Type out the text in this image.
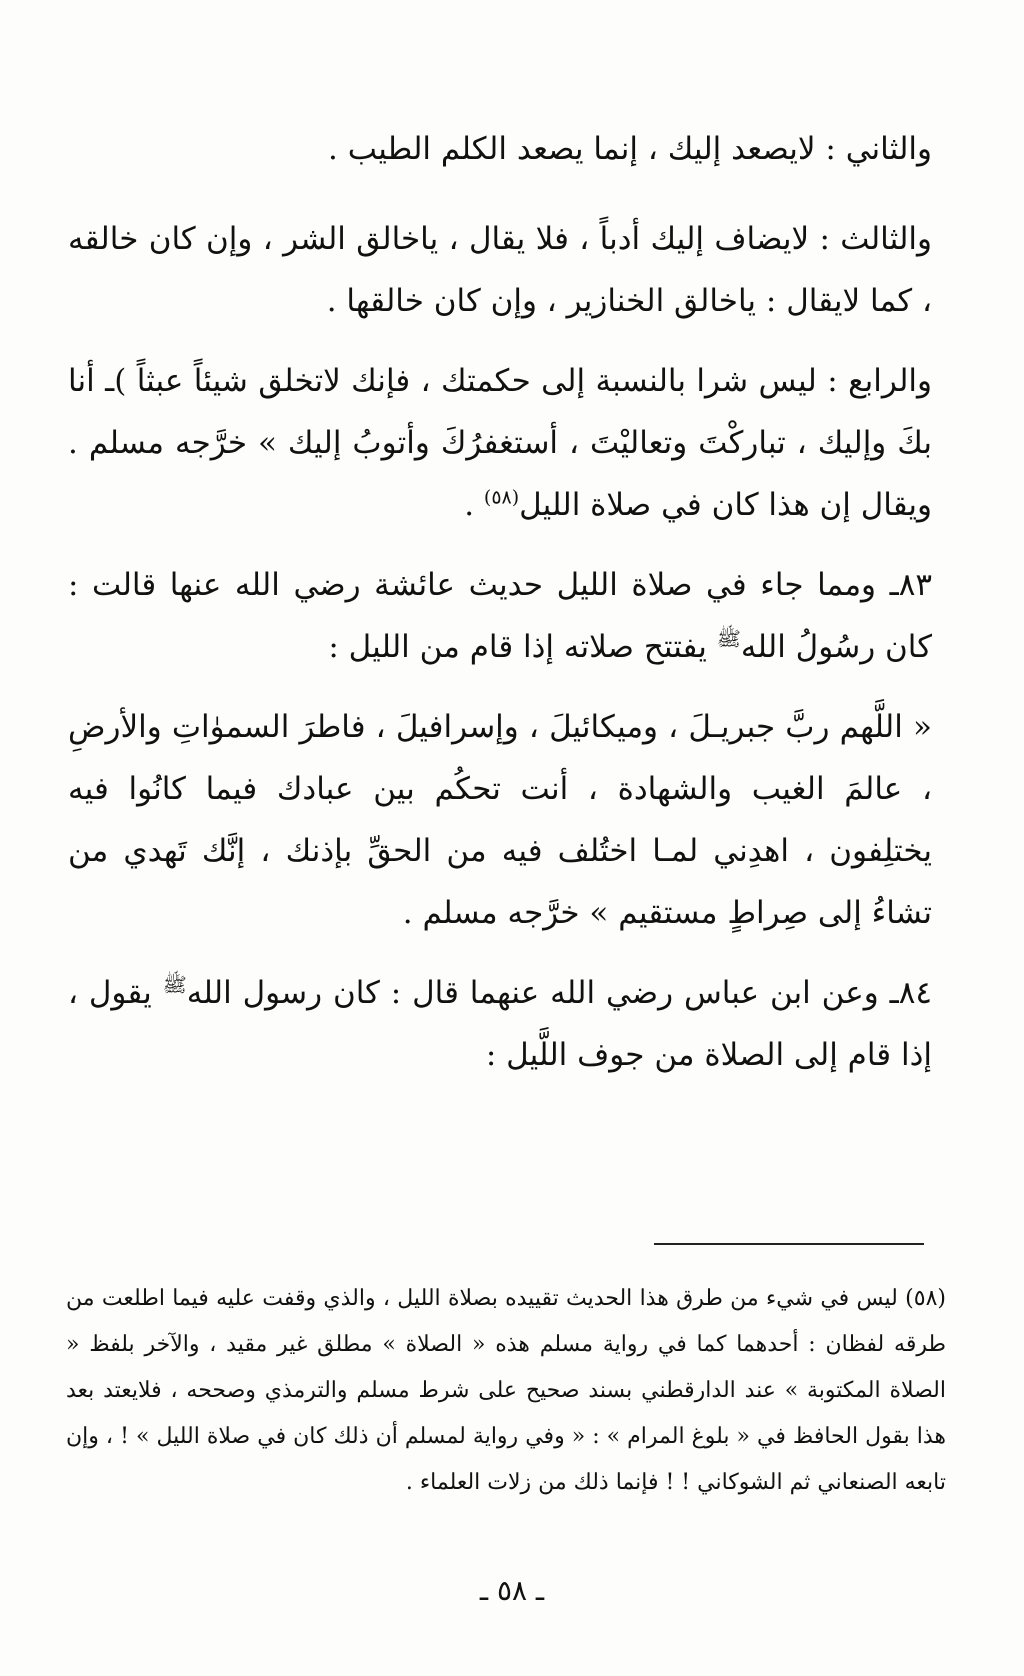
والثاني : لايصعد إليك ، إنما يصعد الكلم الطيب .

والثالث : لايضاف إليك أدباً ، فلا يقال ، ياخالق الشر ، وإن كان خالقه ، كما لايقال : ياخالق الخنازير ، وإن كان خالقها .

والرابع : ليس شرا بالنسبة إلى حكمتك ، فإنك لاتخلق شيئاً عبثاً )ـ أنا بكَ وإليك ، تباركْتَ وتعاليْتَ ، أستغفرُكَ وأتوبُ إليك » خرَّجه مسلم . ويقال إن هذا كان في صلاة الليل$^{(٥٨)}$ .

٨٣ـ ومما جاء في صلاة الليل حديث عائشة رضي الله عنها قالت : كان رسُولُ الله$^ﷺ$ يفتتح صلاته إذا قام من الليل :

« اللَّهم ربَّ جبريـلَ ، وميكائيلَ ، وإسرافيلَ ، فاطرَ السموٰاتِ والأرضِ ، عالمَ الغيب والشهادة ، أنت تحكُم بين عبادك فيما كانُوا فيه يختلِفون ، اهدِني لمـا اختُلف فيه من الحقِّ بإذنك ، إنَّك تَهدي من تشاءُ إلى صِراطٍ مستقيم » خرَّجه مسلم .

٨٤ـ وعن ابن عباس رضي الله عنهما قال : كان رسول الله$^ﷺ$ يقول ، إذا قام إلى الصلاة من جوف اللَّيل :

(٥٨) ليس في شيء من طرق هذا الحديث تقييده بصلاة الليل ، والذي وقفت عليه فيما اطلعت من طرقه لفظان : أحدهما كما في رواية مسلم هذه « الصلاة » مطلق غير مقيد ، والآخر بلفظ « الصلاة المكتوبة » عند الدارقطني بسند صحيح على شرط مسلم والترمذي وصححه ، فلايعتد بعد هذا بقول الحافظ في « بلوغ المرام » : « وفي رواية لمسلم أن ذلك كان في صلاة الليل » ! ، وإن تابعه الصنعاني ثم الشوكاني ! ! فإنما ذلك من زلات العلماء .
ـ ٥٨ ـ
